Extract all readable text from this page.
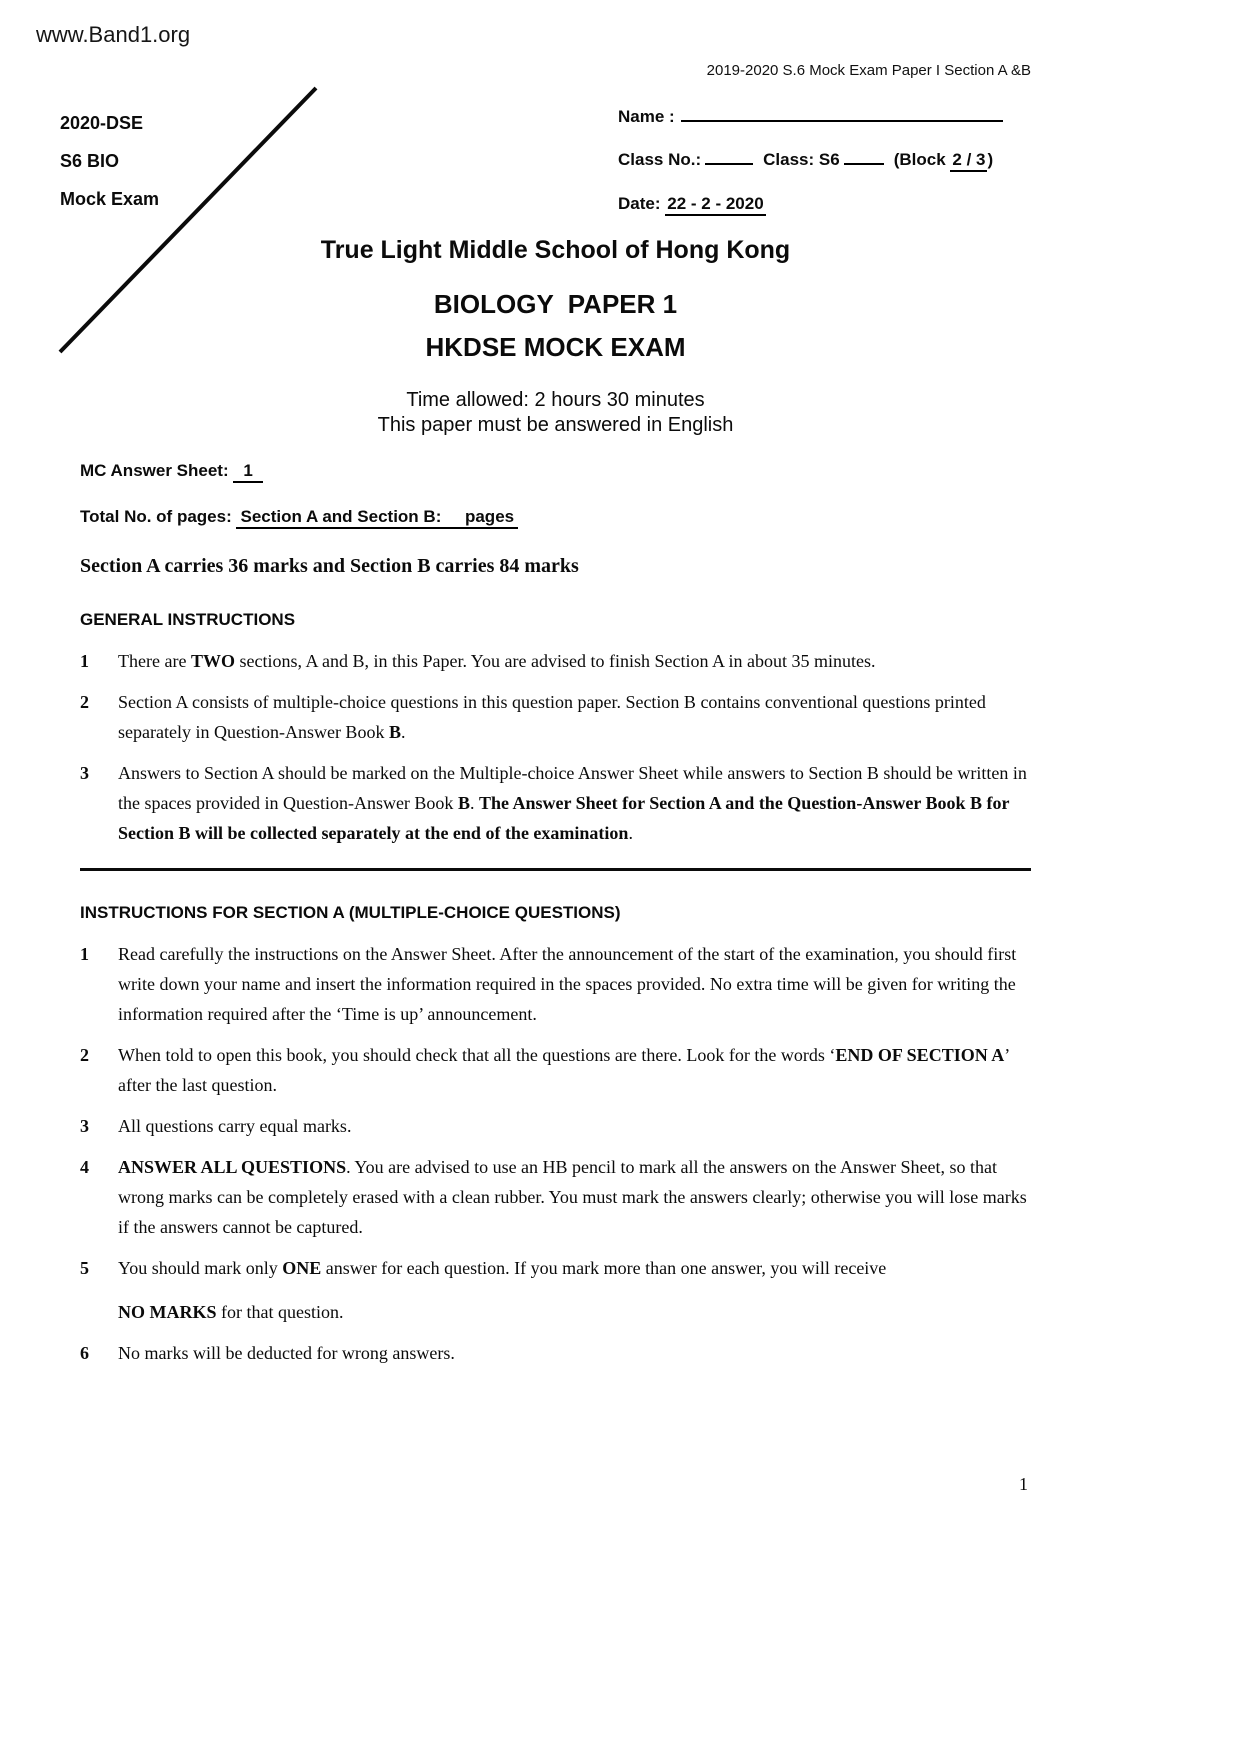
www.Band1.org
2019-2020 S.6 Mock Exam Paper I Section A &B
2020-DSE
S6 BIO
Mock Exam
Name :
Class No.:	Class: S6	(Block 2 / 3 )
Date: 22 - 2 - 2020
True Light Middle School of Hong Kong
BIOLOGY  PAPER 1
HKDSE MOCK EXAM
Time allowed: 2 hours 30 minutes
This paper must be answered in English
MC Answer Sheet: 1
Total No. of pages: Section A and Section B:     pages
Section A carries 36 marks and Section B carries 84 marks
GENERAL INSTRUCTIONS
1	There are TWO sections, A and B, in this Paper. You are advised to finish Section A in about 35 minutes.
2	Section A consists of multiple-choice questions in this question paper. Section B contains conventional questions printed separately in Question-Answer Book B.
3	Answers to Section A should be marked on the Multiple-choice Answer Sheet while answers to Section B should be written in the spaces provided in Question-Answer Book B. The Answer Sheet for Section A and the Question-Answer Book B for Section B will be collected separately at the end of the examination.
INSTRUCTIONS FOR SECTION A (MULTIPLE-CHOICE QUESTIONS)
1	Read carefully the instructions on the Answer Sheet. After the announcement of the start of the examination, you should first write down your name and insert the information required in the spaces provided. No extra time will be given for writing the information required after the ‘Time is up’ announcement.
2	When told to open this book, you should check that all the questions are there. Look for the words ‘END OF SECTION A’ after the last question.
3	All questions carry equal marks.
4	ANSWER ALL QUESTIONS. You are advised to use an HB pencil to mark all the answers on the Answer Sheet, so that wrong marks can be completely erased with a clean rubber. You must mark the answers clearly; otherwise you will lose marks if the answers cannot be captured.
5	You should mark only ONE answer for each question. If you mark more than one answer, you will receive
NO MARKS for that question.
6	No marks will be deducted for wrong answers.
1
